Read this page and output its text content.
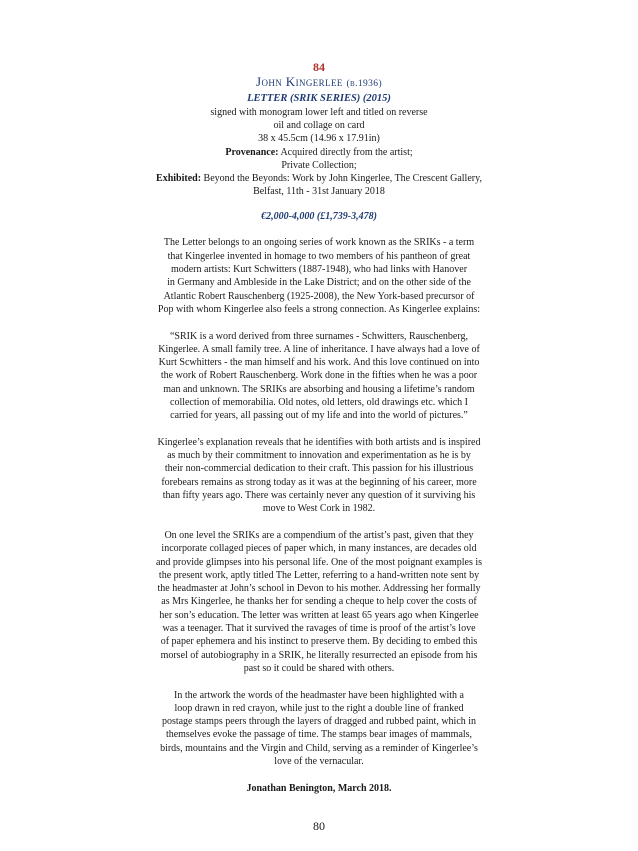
84
John Kingerlee (b.1936)
LETTER (SRIK SERIES) (2015)
signed with monogram lower left and titled on reverse
oil and collage on card
38 x 45.5cm (14.96 x 17.91in)
Provenance: Acquired directly from the artist;
Private Collection;
Exhibited: Beyond the Beyonds: Work by John Kingerlee, The Crescent Gallery,
Belfast, 11th - 31st January 2018
€2,000-4,000 (£1,739-3,478)

The Letter belongs to an ongoing series of work known as the SRIKs - a term
that Kingerlee invented in homage to two members of his pantheon of great
modern artists: Kurt Schwitters (1887-1948), who had links with Hanover
in Germany and Ambleside in the Lake District; and on the other side of the
Atlantic Robert Rauschenberg (1925-2008), the New York-based precursor of
Pop with whom Kingerlee also feels a strong connection. As Kingerlee explains:

“SRIK is a word derived from three surnames - Schwitters, Rauschenberg,
Kingerlee. A small family tree. A line of inheritance. I have always had a love of
Kurt Scwhitters - the man himself and his work. And this love continued on into
the work of Robert Rauschenberg. Work done in the fifties when he was a poor
man and unknown. The SRIKs are absorbing and housing a lifetime’s random
collection of memorabilia. Old notes, old letters, old drawings etc. which I
carried for years, all passing out of my life and into the world of pictures.”

Kingerlee’s explanation reveals that he identifies with both artists and is inspired
as much by their commitment to innovation and experimentation as he is by
their non-commercial dedication to their craft. This passion for his illustrious
forebears remains as strong today as it was at the beginning of his career, more
than fifty years ago. There was certainly never any question of it surviving his
move to West Cork in 1982.

On one level the SRIKs are a compendium of the artist’s past, given that they
incorporate collaged pieces of paper which, in many instances, are decades old
and provide glimpses into his personal life. One of the most poignant examples is
the present work, aptly titled The Letter, referring to a hand-written note sent by
the headmaster at John’s school in Devon to his mother. Addressing her formally
as Mrs Kingerlee, he thanks her for sending a cheque to help cover the costs of
her son’s education. The letter was written at least 65 years ago when Kingerlee
was a teenager. That it survived the ravages of time is proof of the artist’s love
of paper ephemera and his instinct to preserve them. By deciding to embed this
morsel of autobiography in a SRIK, he literally resurrected an episode from his
past so it could be shared with others.

In the artwork the words of the headmaster have been highlighted with a
loop drawn in red crayon, while just to the right a double line of franked
postage stamps peers through the layers of dragged and rubbed paint, which in
themselves evoke the passage of time. The stamps bear images of mammals,
birds, mountains and the Virgin and Child, serving as a reminder of Kingerlee’s
love of the vernacular.

Jonathan Benington, March 2018.
80
